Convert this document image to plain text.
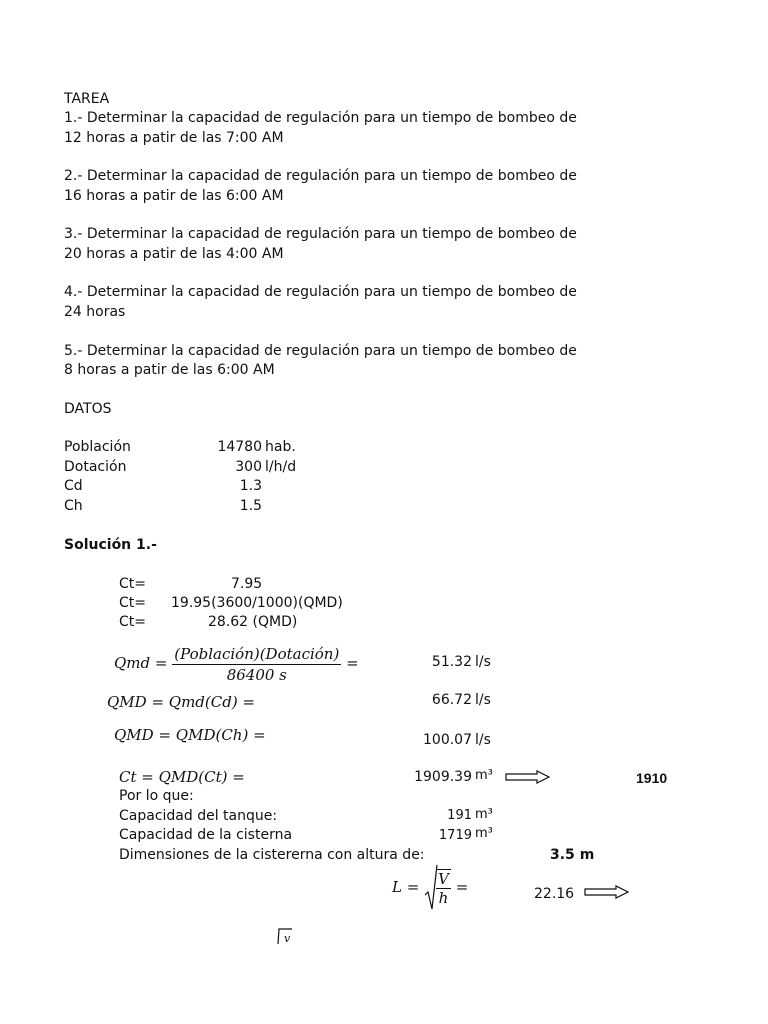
TAREA
1.- Determinar la capacidad de regulación para un tiempo de bombeo de
12 horas a patir de las 7:00 AM
2.- Determinar la capacidad de regulación para un tiempo de bombeo de
16 horas a patir de las 6:00 AM
3.- Determinar la capacidad de regulación para un tiempo de bombeo de
20 horas a patir de las 4:00 AM
4.- Determinar la capacidad de regulación para un tiempo de bombeo de
24 horas
5.- Determinar la capacidad de regulación para un tiempo de bombeo de
8 horas a patir de las 6:00 AM
DATOS
Población	14780 hab.
Dotación	300 l/h/d
Cd	1.3
Ch	1.5
Solución 1.-
Ct=	7.95
Ct= 19.95(3600/1000)(QMD)
Ct=	28.62 (QMD)
Qmd = $\frac{\text{(Población)(Dotación)}}{86400 s}$ =	51.32 l/s
QMD = Qmd(Cd) =	66.72 l/s
QMD = QMD(Ch) =	100.07 l/s
Ct = QMD(Ct) =	1909.39 m³	1910
Por lo que:
Capacidad del tanque:	191 m³
Capacidad de la cisterna	1719 m³
Dimensiones de la cistererna con altura de:	3.5 m
$L = \frac{V}{h}$ =	22.16
v
